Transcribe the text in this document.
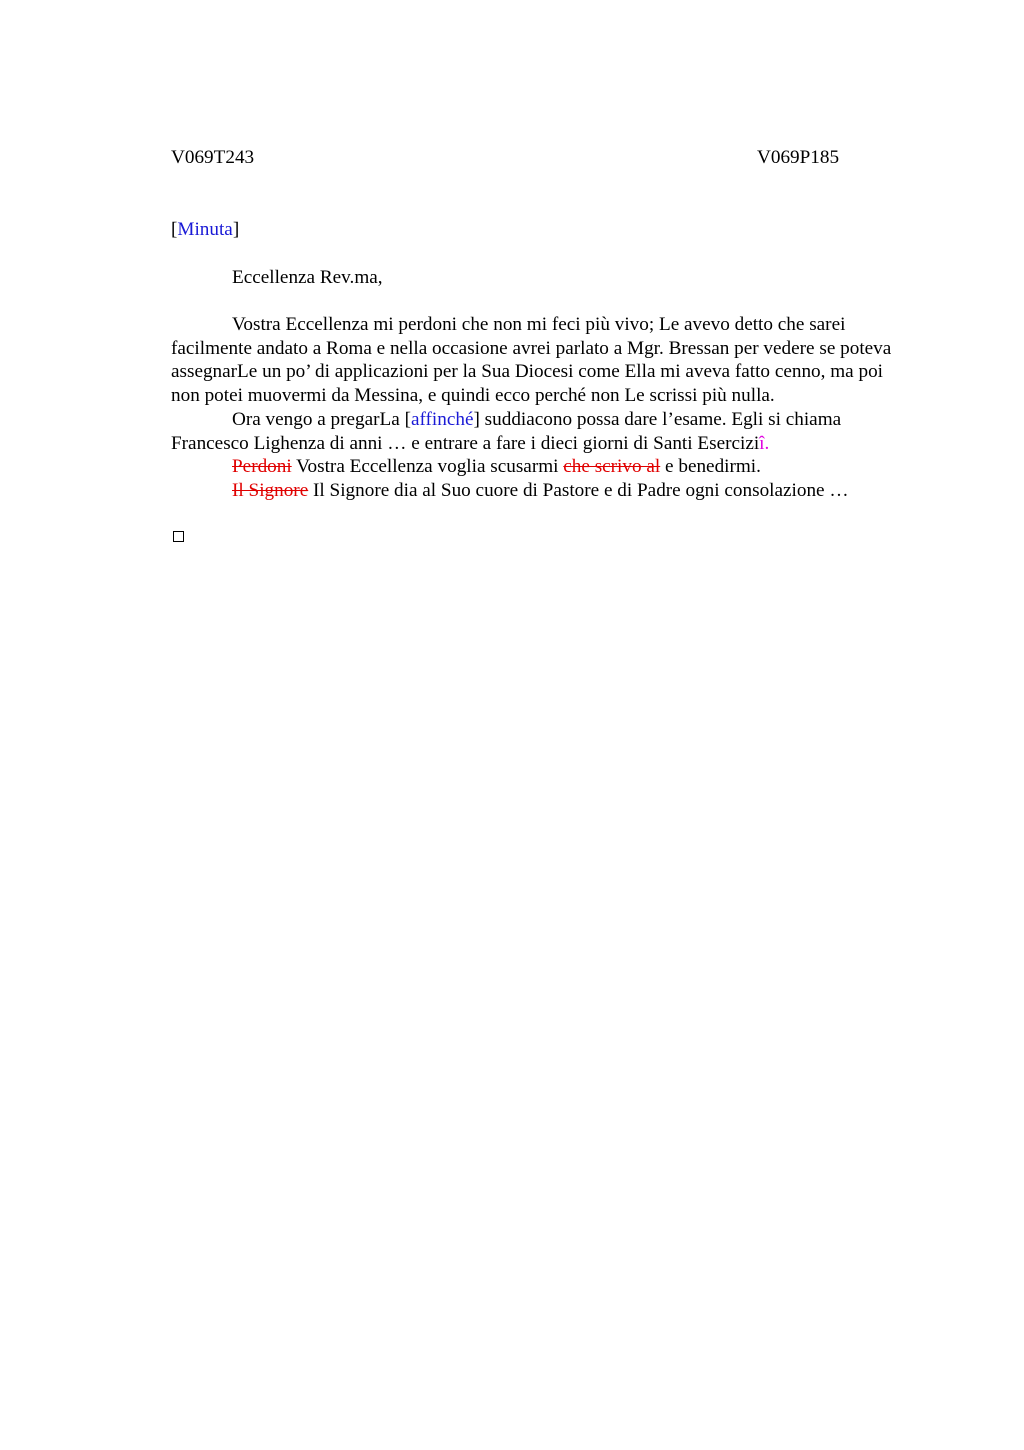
V069T243	V069P185
[Minuta]
Eccellenza Rev.ma,

Vostra Eccellenza mi perdoni che non mi feci più vivo; Le avevo detto che sarei facilmente andato a Roma e nella occasione avrei parlato a Mgr. Bressan per vedere se poteva assegnarLe un po’ di applicazioni per la Sua Diocesi come Ella mi aveva fatto cenno, ma poi non potei muovermi da Messina, e quindi ecco perché non Le scrissi più nulla.

Ora vengo a pregarLa [affinché] suddiacono possa dare l’esame. Egli si chiama Francesco Lighenza di anni … e entrare a fare i dieci giorni di Santi Eserciziî.

Perdoni Vostra Eccellenza voglia scusarmi che scrivo al e benedirmi.

Il Signore Il Signore dia al Suo cuore di Pastore e di Padre ogni consolazione …
